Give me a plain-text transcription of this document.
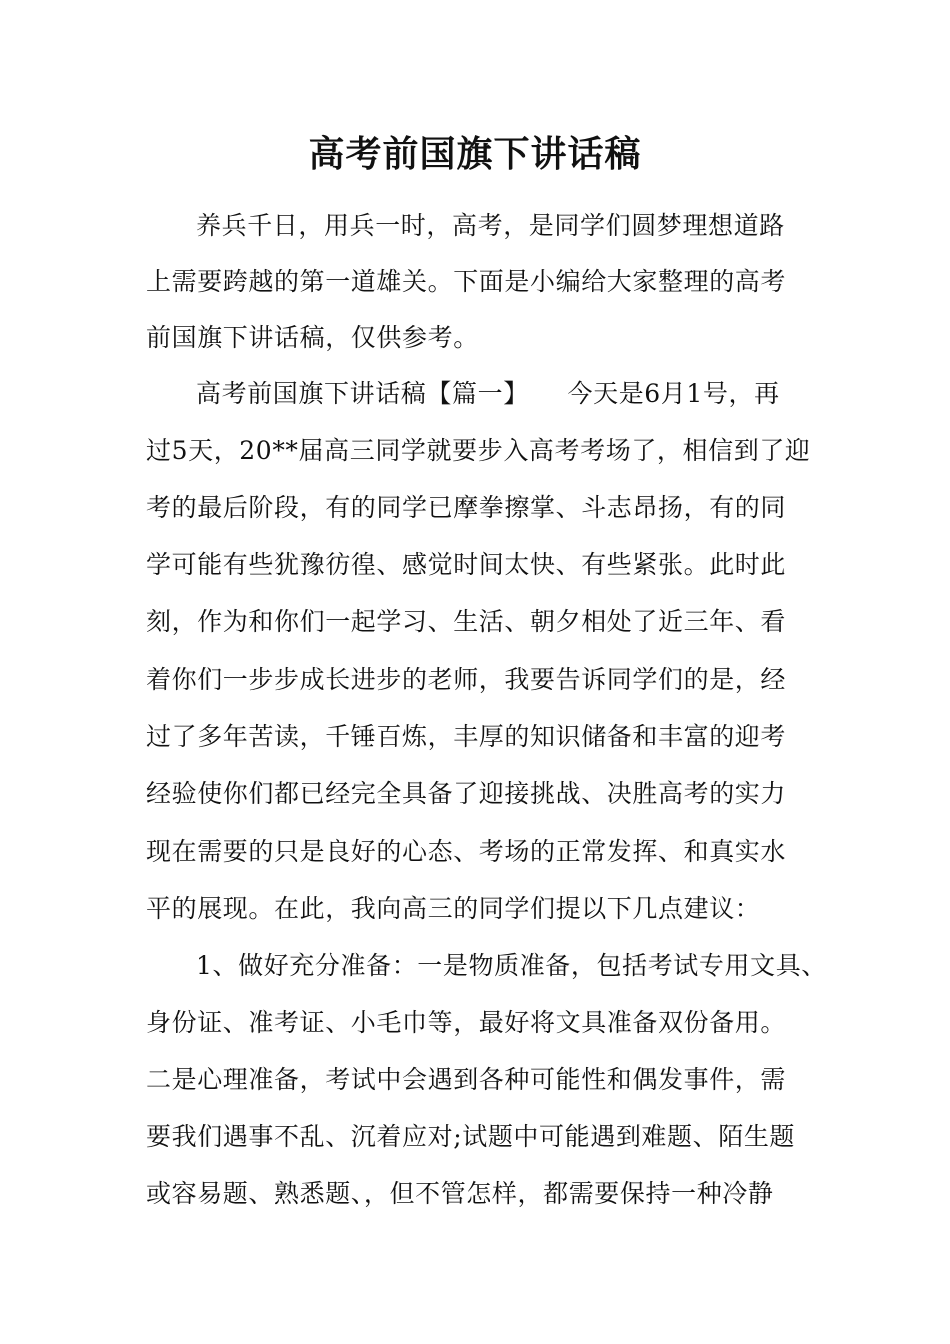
高考前国旗下讲话稿
养兵千日，用兵一时，高考，是同学们圆梦理想道路
上需要跨越的第一道雄关。下面是小编给大家整理的高考
前国旗下讲话稿，仅供参考。
高考前国旗下讲话稿【篇一】　　今天是6月1号，再
过5天，20**届高三同学就要步入高考考场了，相信到了迎
考的最后阶段，有的同学已摩拳擦掌、斗志昂扬，有的同
学可能有些犹豫彷徨、感觉时间太快、有些紧张。此时此
刻，作为和你们一起学习、生活、朝夕相处了近三年、看
着你们一步步成长进步的老师，我要告诉同学们的是，经
过了多年苦读，千锤百炼，丰厚的知识储备和丰富的迎考
经验使你们都已经完全具备了迎接挑战、决胜高考的实力
现在需要的只是良好的心态、考场的正常发挥、和真实水
平的展现。在此，我向高三的同学们提以下几点建议：
1、做好充分准备：一是物质准备，包括考试专用文具、
身份证、准考证、小毛巾等，最好将文具准备双份备用。
二是心理准备，考试中会遇到各种可能性和偶发事件，需
要我们遇事不乱、沉着应对;试题中可能遇到难题、陌生题
或容易题、熟悉题、，但不管怎样，都需要保持一种冷静
